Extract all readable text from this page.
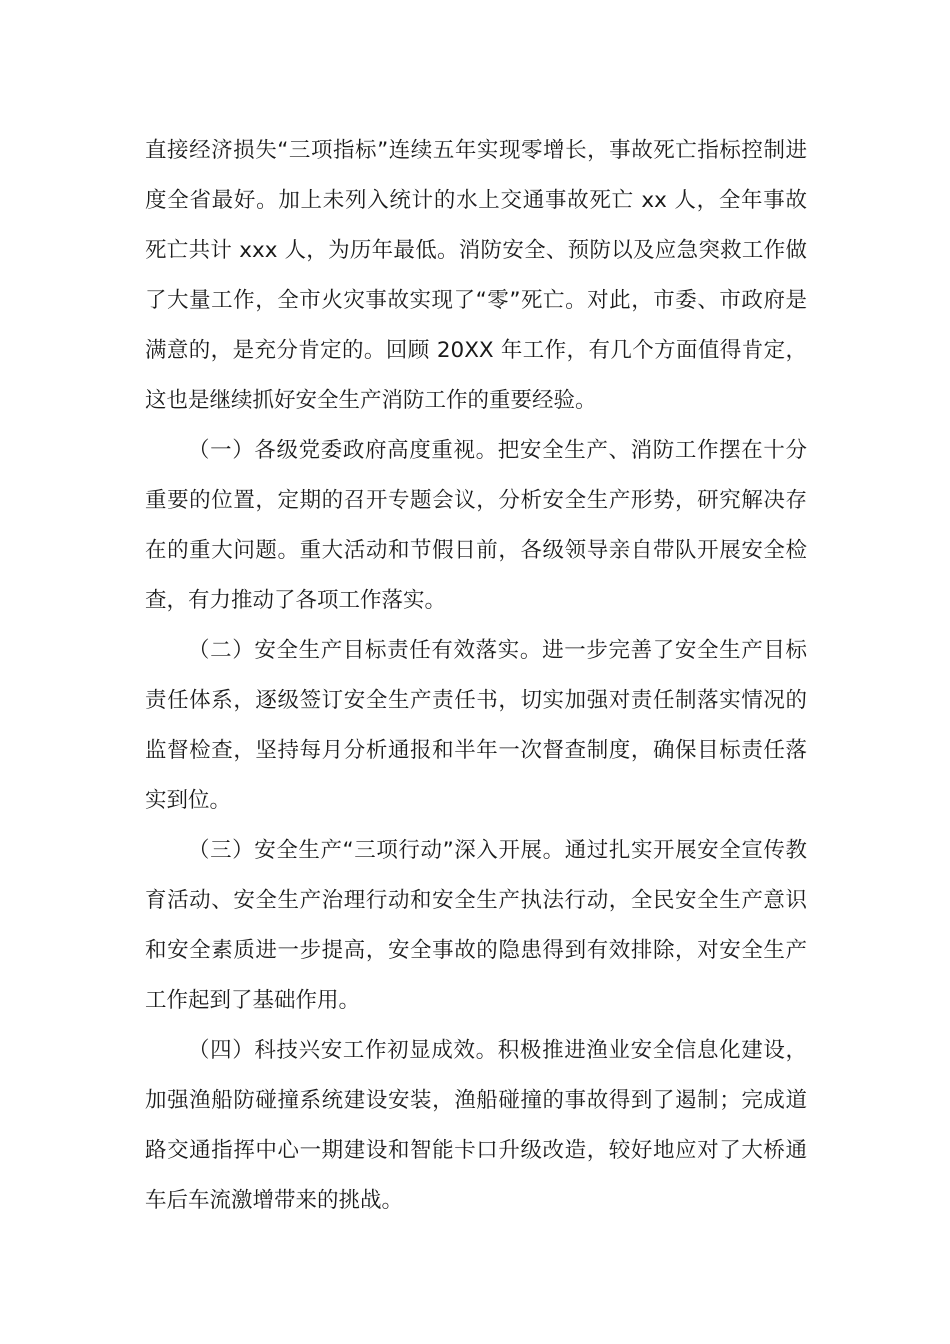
直接经济损失“三项指标”连续五年实现零增长，事故死亡指标控制进度全省最好。加上未列入统计的水上交通事故死亡 xx 人，全年事故死亡共计 xxx 人，为历年最低。消防安全、预防以及应急突救工作做了大量工作，全市火灾事故实现了“零”死亡。对此，市委、市政府是满意的，是充分肯定的。回顾 20XX 年工作，有几个方面值得肯定，这也是继续抓好安全生产消防工作的重要经验。

（一）各级党委政府高度重视。把安全生产、消防工作摆在十分重要的位置，定期的召开专题会议，分析安全生产形势，研究解决存在的重大问题。重大活动和节假日前，各级领导亲自带队开展安全检查，有力推动了各项工作落实。

（二）安全生产目标责任有效落实。进一步完善了安全生产目标责任体系，逐级签订安全生产责任书，切实加强对责任制落实情况的监督检查，坚持每月分析通报和半年一次督查制度，确保目标责任落实到位。

（三）安全生产“三项行动”深入开展。通过扎实开展安全宣传教育活动、安全生产治理行动和安全生产执法行动，全民安全生产意识和安全素质进一步提高，安全事故的隐患得到有效排除，对安全生产工作起到了基础作用。

（四）科技兴安工作初显成效。积极推进渔业安全信息化建设，加强渔船防碰撞系统建设安装，渔船碰撞的事故得到了遏制；完成道路交通指挥中心一期建设和智能卡口升级改造，较好地应对了大桥通车后车流激增带来的挑战。
